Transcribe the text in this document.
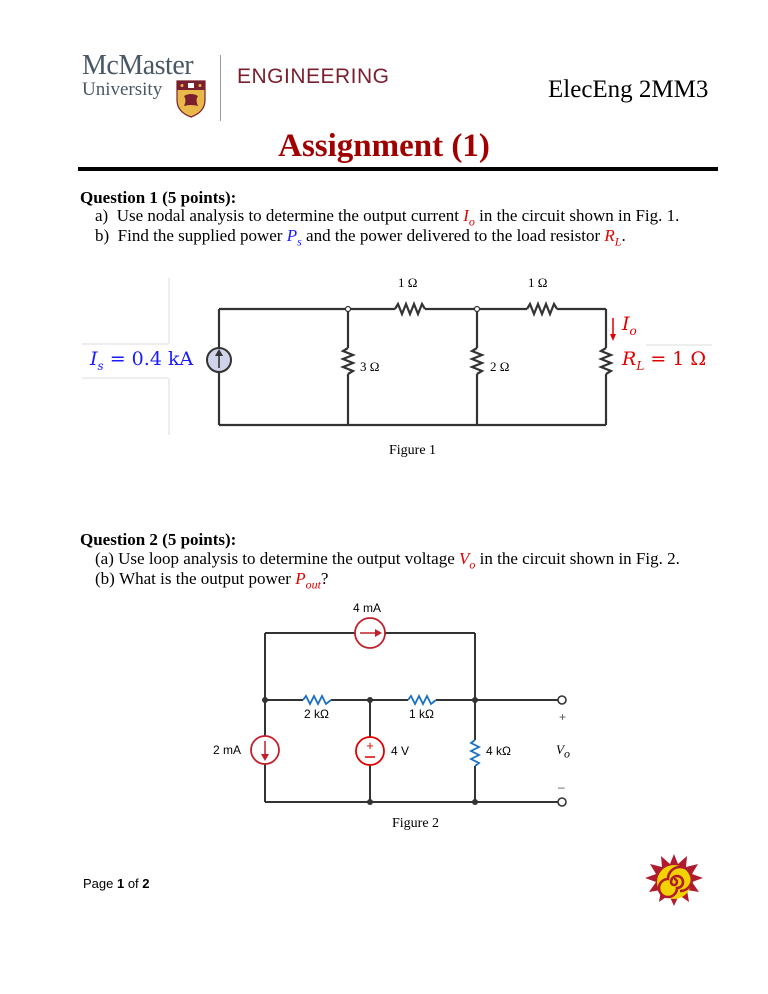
McMaster
University
ENGINEERING	ElecEng 2MM3
Assignment (1)
Question 1 (5 points):
a) Use nodal analysis to determine the output current $I_o$ in the circuit shown in Fig. 1.
b) Find the supplied power $P_s$ and the power delivered to the load resistor $R_L$.
1 Ω	1 Ω
3 Ω	2 Ω
$I_s = 0.4$ kA
$I_o$
$R_L = 1$ Ω
Figure 1
Question 2 (5 points):
(a) Use loop analysis to determine the output voltage $V_o$ in the circuit shown in Fig. 2.
(b) What is the output power $P_{out}$?
+
4 mA
2 mA
2 kΩ	1 kΩ
4 kΩ
4 V
+
$V_o$
–
Figure 2
Page 1 of 2
